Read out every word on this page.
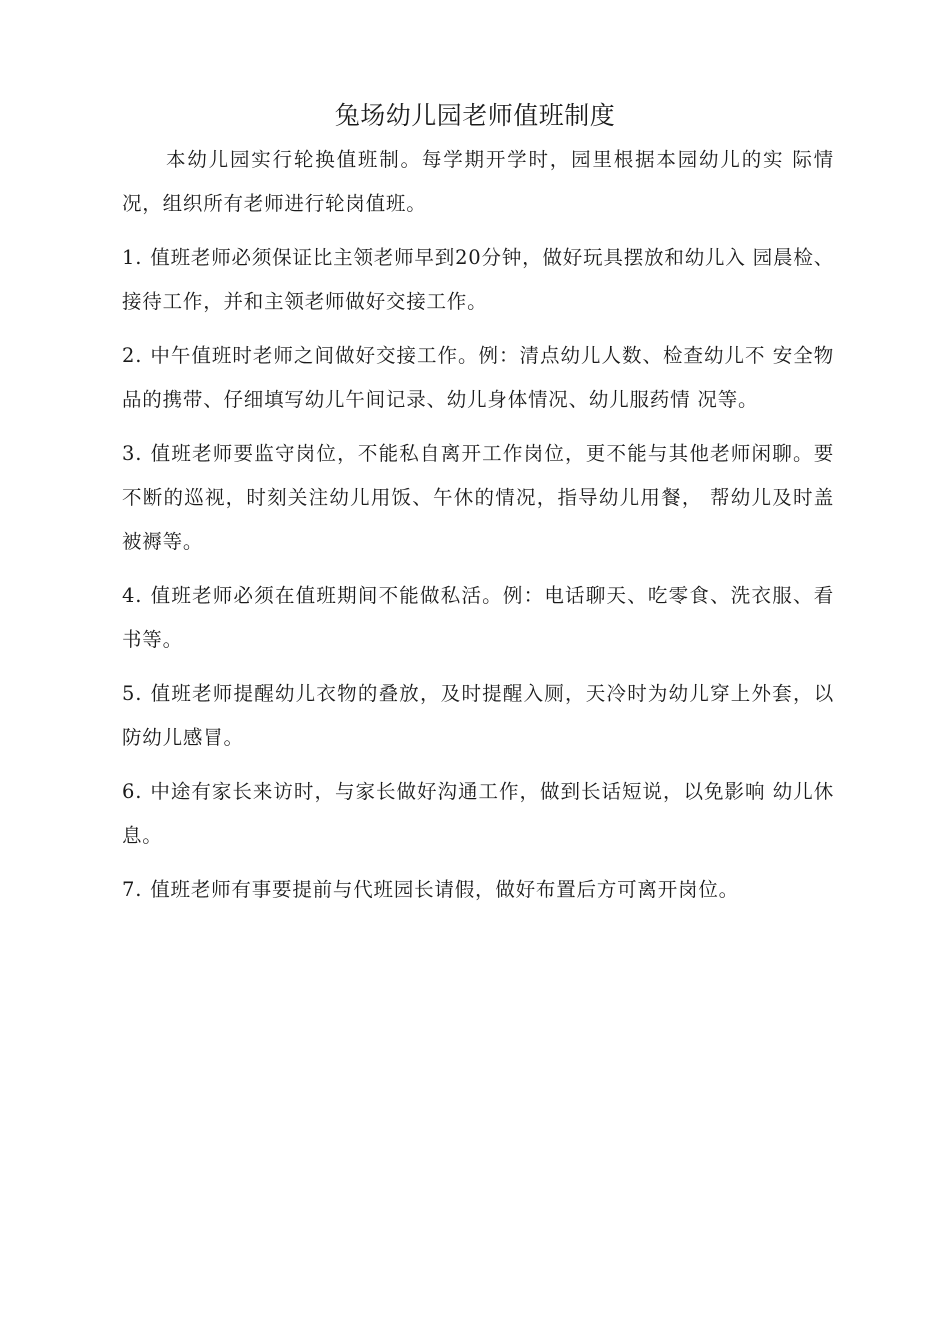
兔场幼儿园老师值班制度

本幼儿园实行轮换值班制。每学期开学时，园里根据本园幼儿的实 际情况，组织所有老师进行轮岗值班。

1. 值班老师必须保证比主领老师早到20分钟，做好玩具摆放和幼儿入 园晨检、接待工作，并和主领老师做好交接工作。

2. 中午值班时老师之间做好交接工作。例：清点幼儿人数、检查幼儿不 安全物品的携带、仔细填写幼儿午间记录、幼儿身体情况、幼儿服药情 况等。

3. 值班老师要监守岗位，不能私自离开工作岗位，更不能与其他老师闲聊。要不断的巡视，时刻关注幼儿用饭、午休的情况，指导幼儿用餐， 帮幼儿及时盖被褥等。

4. 值班老师必须在值班期间不能做私活。例：电话聊天、吃零食、洗衣服、看书等。

5. 值班老师提醒幼儿衣物的叠放，及时提醒入厕，天冷时为幼儿穿上外套，以防幼儿感冒。

6. 中途有家长来访时，与家长做好沟通工作，做到长话短说，以免影响 幼儿休息。

7. 值班老师有事要提前与代班园长请假，做好布置后方可离开岗位。
